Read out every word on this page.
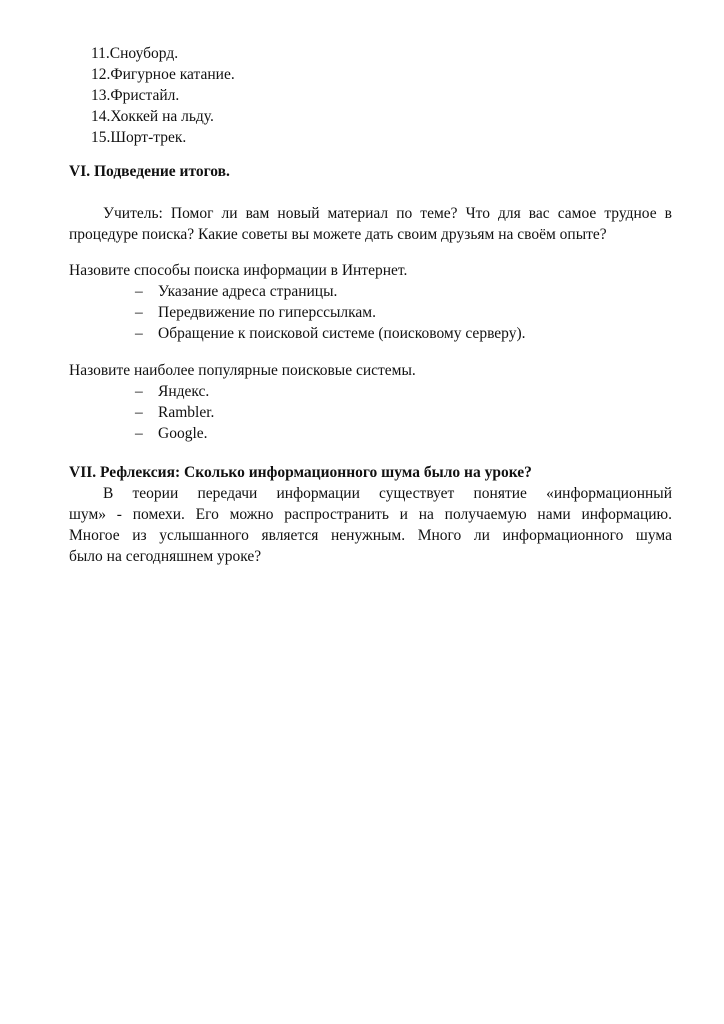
11.Сноуборд.
12.Фигурное катание.
13.Фристайл.
14.Хоккей на льду.
15.Шорт-трек.
VI. Подведение итогов.
Учитель: Помог ли вам новый материал по теме? Что для вас самое трудное в
процедуре поиска? Какие советы вы можете дать своим друзьям на своём опыте?
Назовите способы поиска информации в Интернет.
– Указание адреса страницы.
– Передвижение по гиперссылкам.
– Обращение к поисковой системе (поисковому серверу).
Назовите наиболее популярные поисковые системы.
– Яндекс.
– Rambler.
– Google.
VII. Рефлексия: Сколько информационного шума было на уроке?
В теории передачи информации существует понятие «информационный
шум» - помехи. Его можно распространить и на получаемую нами информацию.
Многое из услышанного является ненужным. Много ли информационного шума
было на сегодняшнем уроке?
